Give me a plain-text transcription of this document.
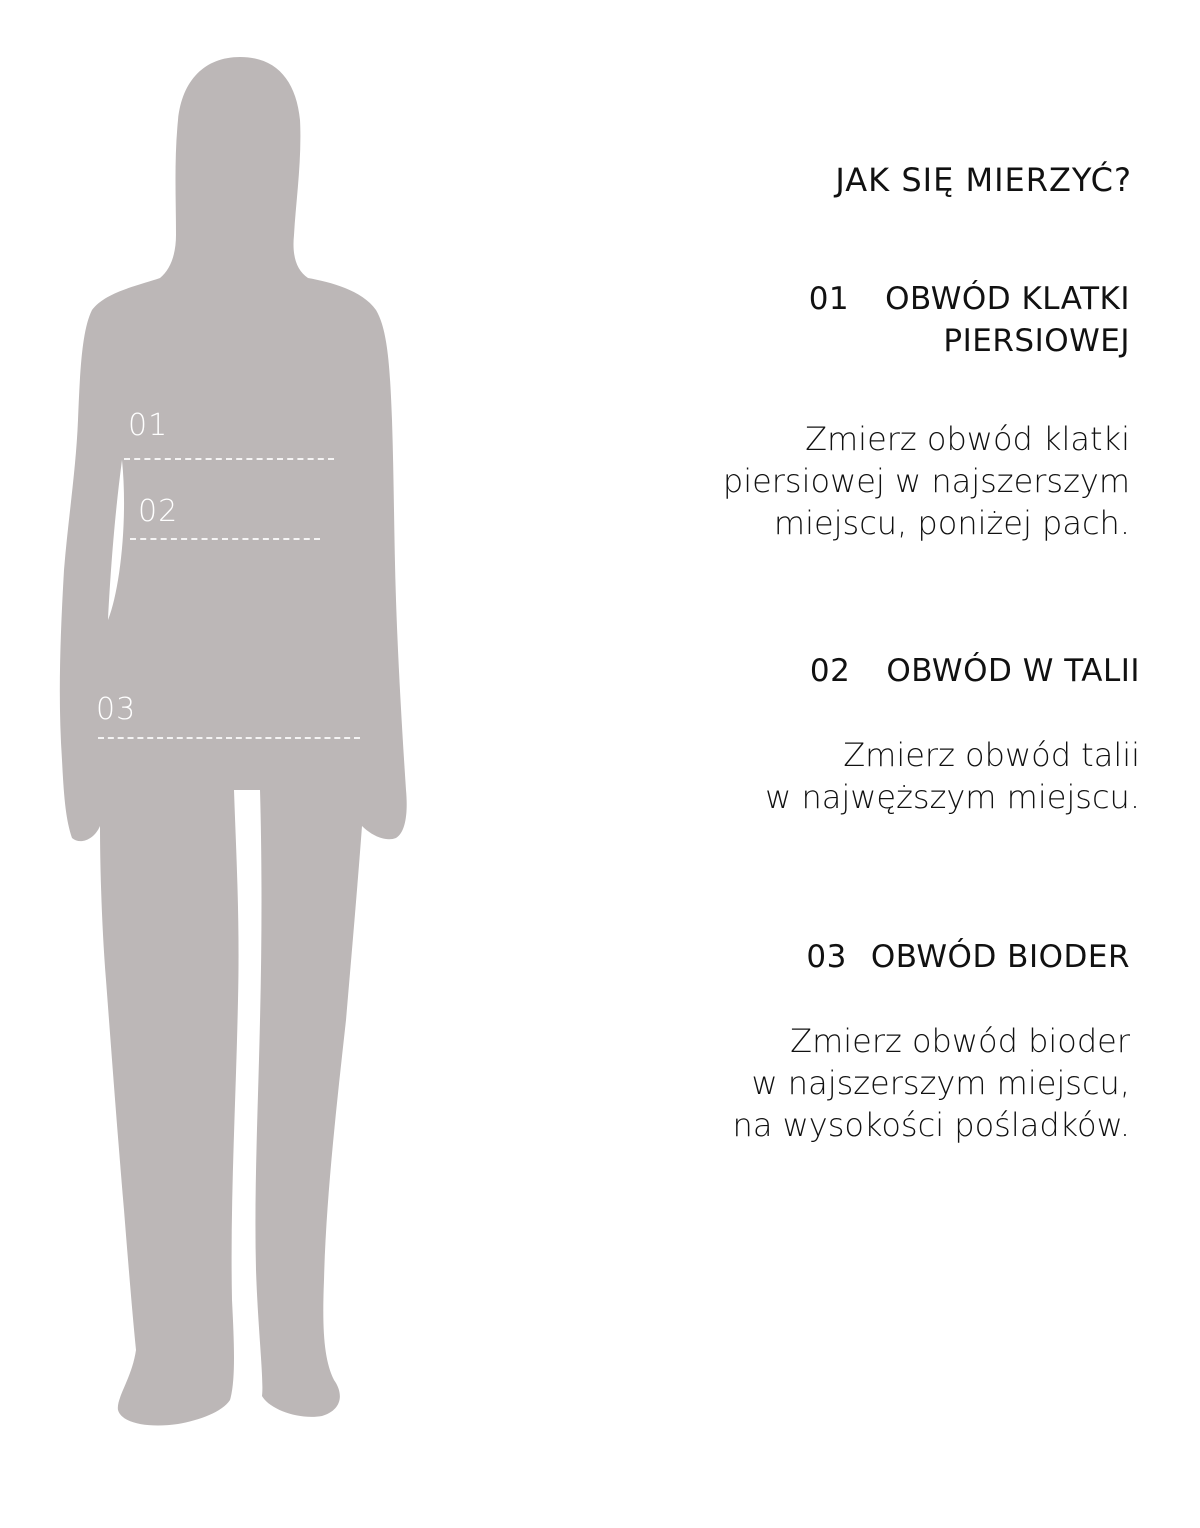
01
02
03
JAK SIĘ MIERZYĆ?
01 OBWÓD KLATKI
PIERSIOWEJ
Zmierz obwód klatki
piersiowej w najszerszym
miejscu, poniżej pach.
02 OBWÓD W TALII
Zmierz obwód talii
w najwęższym miejscu.
03 OBWÓD BIODER
Zmierz obwód bioder
w najszerszym miejscu,
na wysokości pośladków.
